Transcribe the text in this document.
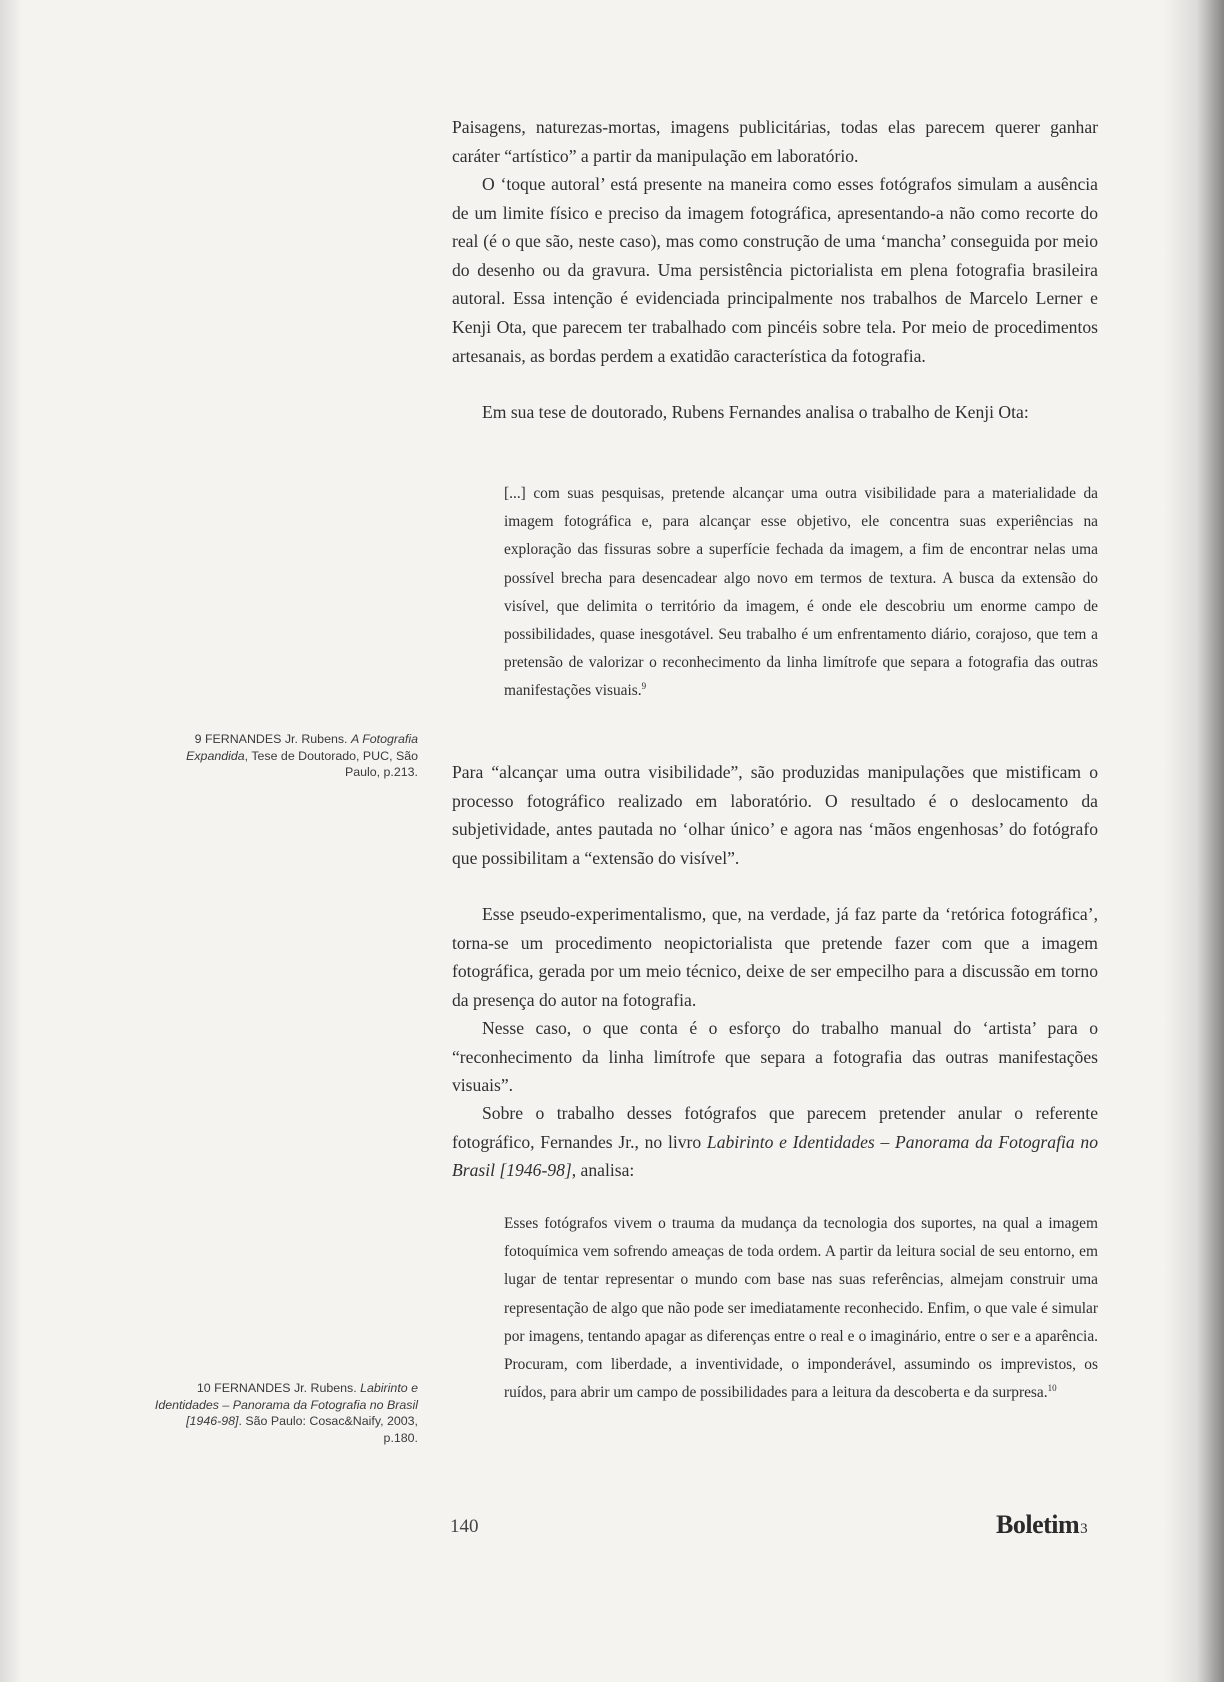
Paisagens, naturezas-mortas, imagens publicitárias, todas elas parecem querer ganhar caráter “artístico” a partir da manipulação em laboratório.

O ‘toque autoral’ está presente na maneira como esses fotógrafos simulam a ausência de um limite físico e preciso da imagem fotográfica, apresentando-a não como recorte do real (é o que são, neste caso), mas como construção de uma ‘mancha’ conseguida por meio do desenho ou da gravura. Uma persistência pictorialista em plena fotografia brasileira autoral. Essa intenção é evidenciada principalmente nos trabalhos de Marcelo Lerner e Kenji Ota, que parecem ter trabalhado com pincéis sobre tela. Por meio de procedimentos artesanais, as bordas perdem a exatidão característica da fotografia.

Em sua tese de doutorado, Rubens Fernandes analisa o trabalho de Kenji Ota:

[...] com suas pesquisas, pretende alcançar uma outra visibilidade para a materialidade da imagem fotográfica e, para alcançar esse objetivo, ele concentra suas experiências na exploração das fissuras sobre a superfície fechada da imagem, a fim de encontrar nelas uma possível brecha para desencadear algo novo em termos de textura. A busca da extensão do visível, que delimita o território da imagem, é onde ele descobriu um enorme campo de possibilidades, quase inesgotável. Seu trabalho é um enfrentamento diário, corajoso, que tem a pretensão de valorizar o reconhecimento da linha limítrofe que separa a fotografia das outras manifestações visuais.$^9$

9 FERNANDES Jr. Rubens. A Fotografia Expandida, Tese de Doutorado, PUC, São Paulo, p.213. Para “alcançar uma outra visibilidade”, são produzidas manipulações que mistificam o processo fotográfico realizado em laboratório. O resultado é o deslocamento da subjetividade, antes pautada no ‘olhar único’ e agora nas ‘mãos engenhosas’ do fotógrafo que possibilitam a “extensão do visível”.

Esse pseudo-experimentalismo, que, na verdade, já faz parte da ‘retórica fotográfica’, torna-se um procedimento neopictorialista que pretende fazer com que a imagem fotográfica, gerada por um meio técnico, deixe de ser empecilho para a discussão em torno da presença do autor na fotografia.

Nesse caso, o que conta é o esforço do trabalho manual do ‘artista’ para o “reconhecimento da linha limítrofe que separa a fotografia das outras manifestações visuais”.

Sobre o trabalho desses fotógrafos que parecem pretender anular o referente fotográfico, Fernandes Jr., no livro Labirinto e Identidades – Panorama da Fotografia no Brasil [1946-98], analisa:

Esses fotógrafos vivem o trauma da mudança da tecnologia dos suportes, na qual a imagem fotoquímica vem sofrendo ameaças de toda ordem. A partir da leitura social de seu entorno, em lugar de tentar representar o mundo com base nas suas referências, almejam construir uma representação de algo que não pode ser imediatamente reconhecido. Enfim, o que vale é simular por imagens, tentando apagar as diferenças entre o real e o imaginário, entre o ser e a aparência. Procuram, com liberdade, a inventividade, o imponderável, assumindo os imprevistos, os ruídos, para abrir um campo de possibilidades para a leitura da descoberta e da surpresa.$^{10}$

10 FERNANDES Jr. Rubens. Labirinto e Identidades – Panorama da Fotografia no Brasil [1946-98]. São Paulo: Cosac&Naify, 2003, p.180.

140	Boletim3
